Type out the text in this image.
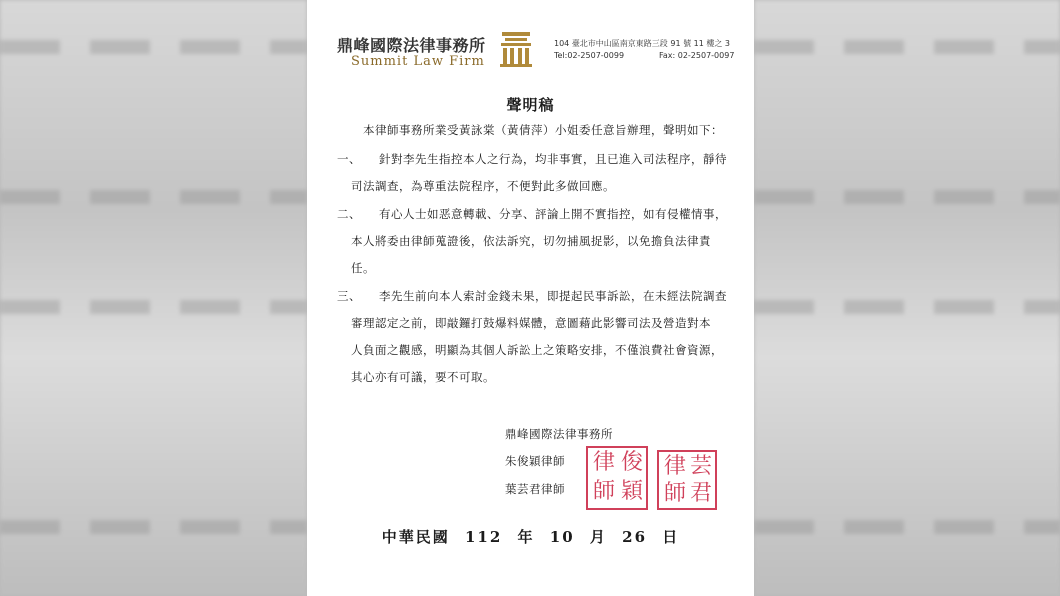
鼎峰國際法律事務所
Summit Law Firm
104 臺北市中山區南京東路三段 91 號 11 樓之 3
Tel:02-2507-0099	Fax: 02-2507-0097
聲明稿
本律師事務所業受黃詠棠（黃倩萍）小姐委任意旨辦理，聲明如下：
一、 針對李先生指控本人之行為，均非事實，且已進入司法程序，靜待
司法調查，為尊重法院程序，不便對此多做回應。
二、 有心人士如恶意轉載、分享、評論上開不實指控，如有侵權情事，
本人將委由律師蒐證後，依法訴究，切勿捕風捉影，以免擔負法律責
任。
三、 李先生前向本人索討金錢未果，即提起民事訴訟，在未經法院調查
審理認定之前，即敲鑼打鼓爆料媒體，意圖藉此影響司法及營造對本
人負面之觀感，明顯為其個人訴訟上之策略安排，不僅浪費社會資源，
其心亦有可議，要不可取。
鼎峰國際法律事務所
朱俊穎律師
葉芸君律師
俊
穎
律
師
芸
君
律
師
中華民國 112 年 10 月 26 日
